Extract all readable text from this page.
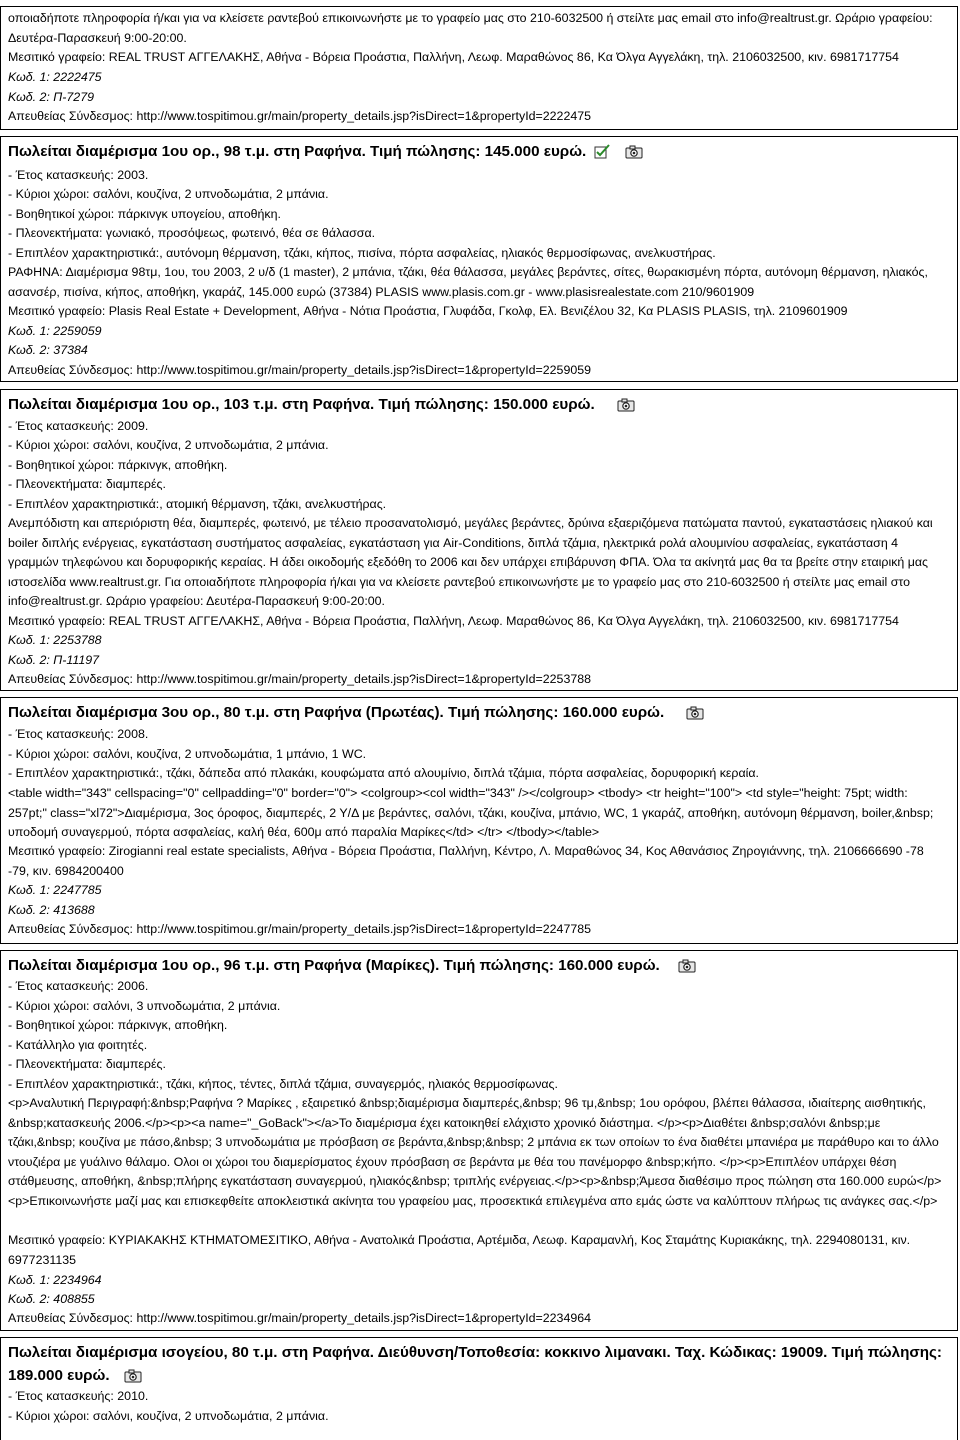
οποιαδήποτε πληροφορία ή/και για να κλείσετε ραντεβού επικοινωνήστε με το γραφείο μας στο 210-6032500 ή στείλτε μας email στο info@realtrust.gr. Ωράριο γραφείου: Δευτέρα-Παρασκευή 9:00-20:00.
Μεσιτικό γραφείο: REAL TRUST ΑΓΓΕΛΑΚΗΣ, Αθήνα - Βόρεια Προάστια, Παλλήνη, Λεωφ. Μαραθώνος 86, Κα Όλγα Αγγελάκη, τηλ. 2106032500, κιν. 6981717754
Κωδ. 1: 2222475
Κωδ. 2: Π-7279
Απευθείας Σύνδεσμος: http://www.tospitimou.gr/main/property_details.jsp?isDirect=1&propertyId=2222475
Πωλείται διαμέρισμα 1ου ορ., 98 τ.μ. στη Ραφήνα. Τιμή πώλησης: 145.000 ευρώ.
- Έτος κατασκευής: 2003.
- Κύριοι χώροι: σαλόνι, κουζίνα, 2 υπνοδωμάτια, 2 μπάνια.
- Βοηθητικοί χώροι: πάρκινγκ υπογείου, αποθήκη.
- Πλεονεκτήματα: γωνιακό, προσόψεως, φωτεινό, θέα σε θάλασσα.
- Επιπλέον χαρακτηριστικά:, αυτόνομη θέρμανση, τζάκι, κήπος, πισίνα, πόρτα ασφαλείας, ηλιακός θερμοσίφωνας, ανελκυστήρας.
ΡΑΦΗΝΑ: Διαμέρισμα 98τμ, 1ου, του 2003, 2 υ/δ (1 master), 2 μπάνια, τζάκι, θέα θάλασσα, μεγάλες βεράντες, σίτες, θωρακισμένη πόρτα, αυτόνομη θέρμανση, ηλιακός, ασανσέρ, πισίνα, κήπος, αποθήκη, γκαράζ, 145.000 ευρώ (37384) PLASIS www.plasis.com.gr - www.plasisrealestate.com 210/9601909
Μεσιτικό γραφείο: Plasis Real Estate + Development, Αθήνα - Νότια Προάστια, Γλυφάδα, Γκολφ, Ελ. Βενιζέλου 32, Κα PLASIS PLASIS, τηλ. 2109601909
Κωδ. 1: 2259059
Κωδ. 2: 37384
Απευθείας Σύνδεσμος: http://www.tospitimou.gr/main/property_details.jsp?isDirect=1&propertyId=2259059
Πωλείται διαμέρισμα 1ου ορ., 103 τ.μ. στη Ραφήνα. Τιμή πώλησης: 150.000 ευρώ.
- Έτος κατασκευής: 2009.
- Κύριοι χώροι: σαλόνι, κουζίνα, 2 υπνοδωμάτια, 2 μπάνια.
- Βοηθητικοί χώροι: πάρκινγκ, αποθήκη.
- Πλεονεκτήματα: διαμπερές.
- Επιπλέον χαρακτηριστικά:, ατομική θέρμανση, τζάκι, ανελκυστήρας.
Ανεμπόδιστη και απεριόριστη θέα, διαμπερές, φωτεινό, με τέλειο προσανατολισμό, μεγάλες βεράντες, δρύινα εξαεριζόμενα πατώματα παντού, εγκαταστάσεις ηλιακού και boiler διπλής ενέργειας, εγκατάσταση συστήματος ασφαλείας, εγκατάσταση για Air-Conditions, διπλά τζάμια, ηλεκτρικά ρολά αλουμινίου ασφαλείας, εγκατάσταση 4 γραμμών τηλεφώνου και δορυφορικής κεραίας. Η άδει οικοδομής εξεδόθη το 2006 και δεν υπάρχει επιβάρυνση ΦΠΑ. Όλα τα ακίνητά μας θα τα βρείτε στην εταιρική μας ιστοσελίδα www.realtrust.gr. Για οποιαδήποτε πληροφορία ή/και για να κλείσετε ραντεβού επικοινωνήστε με το γραφείο μας στο 210-6032500 ή στείλτε μας email στο info@realtrust.gr. Ωράριο γραφείου: Δευτέρα-Παρασκευή 9:00-20:00.
Μεσιτικό γραφείο: REAL TRUST ΑΓΓΕΛΑΚΗΣ, Αθήνα - Βόρεια Προάστια, Παλλήνη, Λεωφ. Μαραθώνος 86, Κα Όλγα Αγγελάκη, τηλ. 2106032500, κιν. 6981717754
Κωδ. 1: 2253788
Κωδ. 2: Π-11197
Απευθείας Σύνδεσμος: http://www.tospitimou.gr/main/property_details.jsp?isDirect=1&propertyId=2253788
Πωλείται διαμέρισμα 3ου ορ., 80 τ.μ. στη Ραφήνα (Πρωτέας). Τιμή πώλησης: 160.000 ευρώ.
- Έτος κατασκευής: 2008.
- Κύριοι χώροι: σαλόνι, κουζίνα, 2 υπνοδωμάτια, 1 μπάνιο, 1 WC.
- Επιπλέον χαρακτηριστικά:, τζάκι, δάπεδα από πλακάκι, κουφώματα από αλουμίνιο, διπλά τζάμια, πόρτα ασφαλείας, δορυφορική κεραία.
<table width="343" cellspacing="0" cellpadding="0" border="0"> <colgroup><col width="343" /></colgroup> <tbody> <tr height="100"> <td style="height: 75pt; width: 257pt;" class="xl72">Διαμέρισμα, 3ος όροφος, διαμπερές, 2 Υ/Δ με βεράντες, σαλόνι, τζάκι, κουζίνα, μπάνιο, WC, 1 γκαράζ, αποθήκη, αυτόνομη θέρμανση, boiler,&nbsp; υποδομή συναγερμού, πόρτα ασφαλείας, καλή θέα, 600μ από παραλία Μαρίκες</td> </tr> </tbody></table>
Μεσιτικό γραφείο: Zirogianni real estate specialists, Αθήνα - Βόρεια Προάστια, Παλλήνη, Κέντρο, Λ. Μαραθώνος 34, Κος Αθανάσιος Ζηρογιάννης, τηλ. 2106666690 -78 -79, κιν. 6984200400
Κωδ. 1: 2247785
Κωδ. 2: 413688
Απευθείας Σύνδεσμος: http://www.tospitimou.gr/main/property_details.jsp?isDirect=1&propertyId=2247785
Πωλείται διαμέρισμα 1ου ορ., 96 τ.μ. στη Ραφήνα (Μαρίκες). Τιμή πώλησης: 160.000 ευρώ.
- Έτος κατασκευής: 2006.
- Κύριοι χώροι: σαλόνι, 3 υπνοδωμάτια, 2 μπάνια.
- Βοηθητικοί χώροι: πάρκινγκ, αποθήκη.
- Κατάλληλο για φοιτητές.
- Πλεονεκτήματα: διαμπερές.
- Επιπλέον χαρακτηριστικά:, τζάκι, κήπος, τέντες, διπλά τζάμια, συναγερμός, ηλιακός θερμοσίφωνας.
<p>Αναλυτική Περιγραφή:&nbsp;Ραφήνα ? Μαρίκες , εξαιρετικό &nbsp;διαμέρισμα διαμπερές,&nbsp; 96 τμ,&nbsp; 1ου ορόφου, βλέπει θάλασσα, ιδιαίτερης αισθητικής, &nbsp;κατασκευής 2006.</p><p><a name="_GoBack"></a>Το διαμέρισμα έχει κατοικηθεί ελάχιστο χρονικό διάστημα. </p><p>Διαθέτει &nbsp;σαλόνι &nbsp;με τζάκι,&nbsp; κουζίνα με πάσο,&nbsp; 3 υπνοδωμάτια με πρόσβαση σε βεράντα,&nbsp;&nbsp; 2 μπάνια εκ των οποίων το ένα διαθέτει μπανιέρα με παράθυρο και το άλλο ντουζιέρα με γυάλινο θάλαμο. Ολοι οι χώροι του διαμερίσματος έχουν πρόσβαση σε βεράντα με θέα του πανέμορφο &nbsp;κήπο. </p><p>Επιπλέον υπάρχει θέση στάθμευσης, αποθήκη, &nbsp;πλήρης εγκατάσταση συναγερμού, ηλιακός&nbsp; τριπλής ενέργειας.</p><p>&nbsp;Άμεσα διαθέσιμο προς πώληση στα 160.000 ευρώ</p><p>Επικοινωνήστε μαζί μας και επισκεφθείτε αποκλειστικά ακίνητα του γραφείου μας, προσεκτικά επιλεγμένα απο εμάς ώστε να καλύπτουν πλήρως τις ανάγκες σας.</p>
Μεσιτικό γραφείο: ΚΥΡΙΑΚΑΚΗΣ ΚΤΗΜΑΤΟΜΕΣΙΤΙΚΟ, Αθήνα - Ανατολικά Προάστια, Αρτέμιδα, Λεωφ. Καραμανλή, Κος Σταμάτης Κυριακάκης, τηλ. 2294080131, κιν. 6977231135
Κωδ. 1: 2234964
Κωδ. 2: 408855
Απευθείας Σύνδεσμος: http://www.tospitimou.gr/main/property_details.jsp?isDirect=1&propertyId=2234964
Πωλείται διαμέρισμα ισογείου, 80 τ.μ. στη Ραφήνα. Διεύθυνση/Τοποθεσία: κοκκινο λιμανακι. Ταχ. Κώδικας: 19009. Τιμή πώλησης: 189.000 ευρώ.
- Έτος κατασκευής: 2010.
- Κύριοι χώροι: σαλόνι, κουζίνα, 2 υπνοδωμάτια, 2 μπάνια.
